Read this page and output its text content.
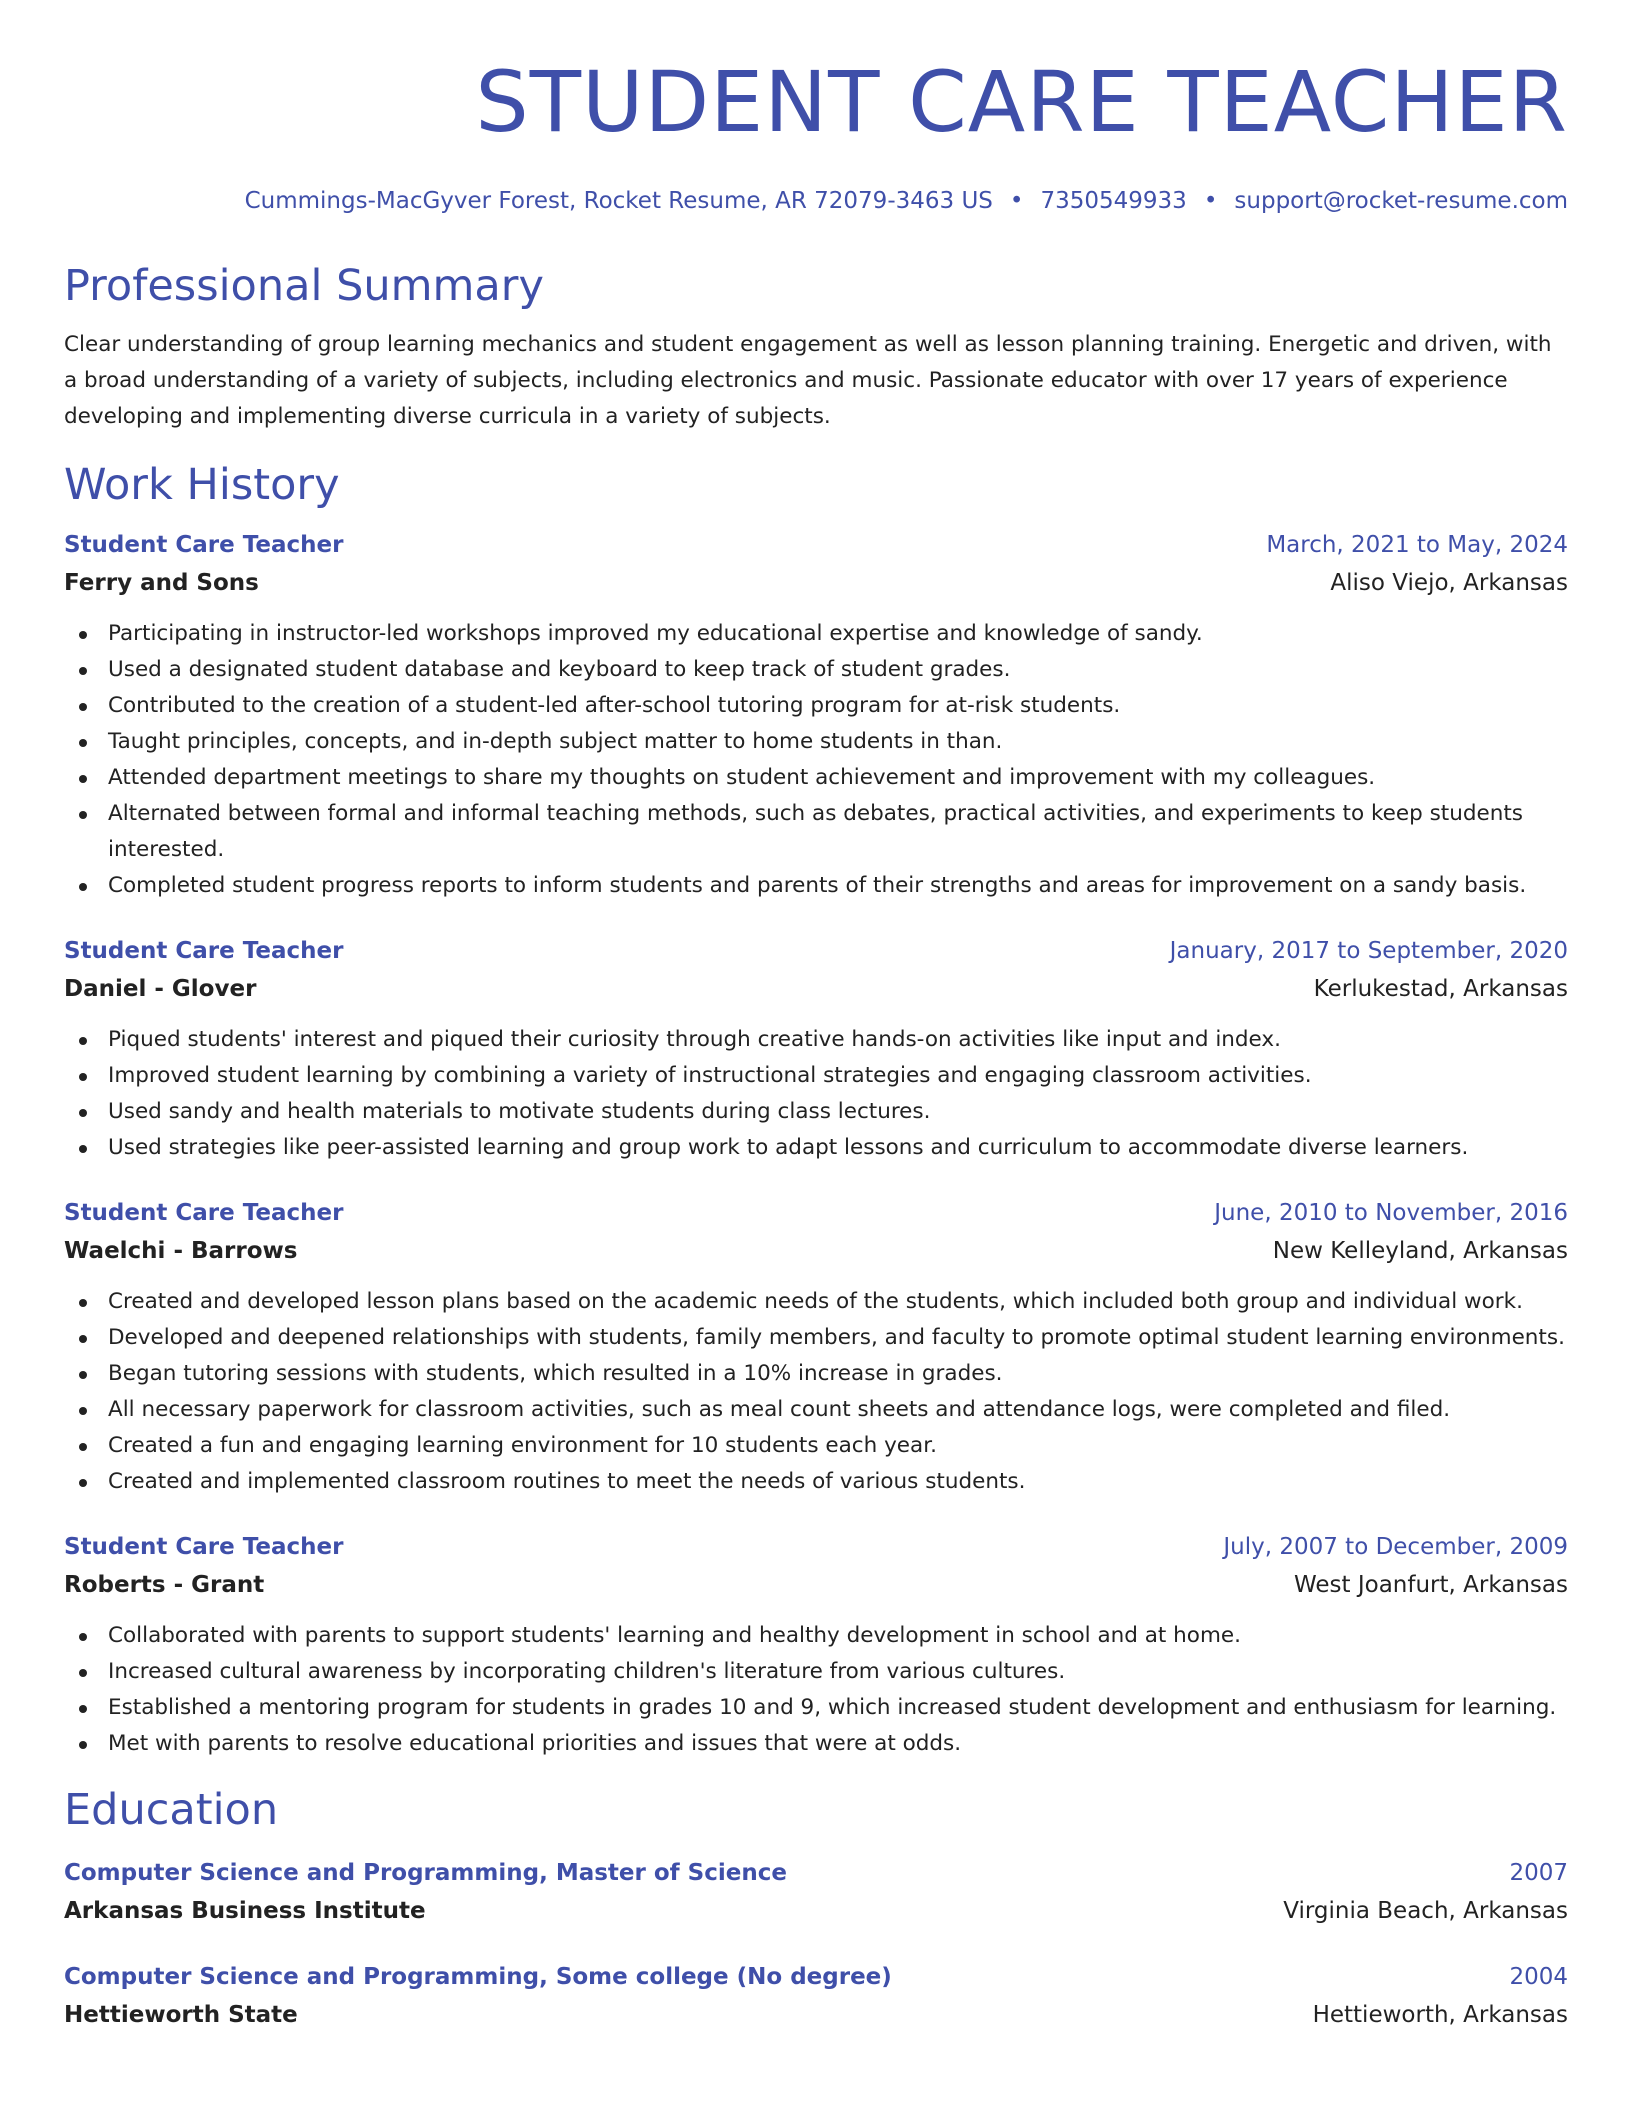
STUDENT CARE TEACHER
Cummings-MacGyver Forest, Rocket Resume, AR 72079-3463 US • 7350549933 • support@rocket-resume.com
Professional Summary

Clear understanding of group learning mechanics and student engagement as well as lesson planning training. Energetic and driven, with a broad understanding of a variety of subjects, including electronics and music. Passionate educator with over 17 years of experience developing and implementing diverse curricula in a variety of subjects.

Work History
Student Care Teacher	March, 2021 to May, 2024
Ferry and Sons	Aliso Viejo, Arkansas
Participating in instructor-led workshops improved my educational expertise and knowledge of sandy.
Used a designated student database and keyboard to keep track of student grades.
Contributed to the creation of a student-led after-school tutoring program for at-risk students.
Taught principles, concepts, and in-depth subject matter to home students in than.
Attended department meetings to share my thoughts on student achievement and improvement with my colleagues.
Alternated between formal and informal teaching methods, such as debates, practical activities, and experiments to keep students interested.
Completed student progress reports to inform students and parents of their strengths and areas for improvement on a sandy basis.
Student Care Teacher	January, 2017 to September, 2020
Daniel - Glover	Kerlukestad, Arkansas
Piqued students' interest and piqued their curiosity through creative hands-on activities like input and index.
Improved student learning by combining a variety of instructional strategies and engaging classroom activities.
Used sandy and health materials to motivate students during class lectures.
Used strategies like peer-assisted learning and group work to adapt lessons and curriculum to accommodate diverse learners.
Student Care Teacher	June, 2010 to November, 2016
Waelchi - Barrows	New Kelleyland, Arkansas
Created and developed lesson plans based on the academic needs of the students, which included both group and individual work.
Developed and deepened relationships with students, family members, and faculty to promote optimal student learning environments.
Began tutoring sessions with students, which resulted in a 10% increase in grades.
All necessary paperwork for classroom activities, such as meal count sheets and attendance logs, were completed and filed.
Created a fun and engaging learning environment for 10 students each year.
Created and implemented classroom routines to meet the needs of various students.
Student Care Teacher	July, 2007 to December, 2009
Roberts - Grant	West Joanfurt, Arkansas
Collaborated with parents to support students' learning and healthy development in school and at home.
Increased cultural awareness by incorporating children's literature from various cultures.
Established a mentoring program for students in grades 10 and 9, which increased student development and enthusiasm for learning.
Met with parents to resolve educational priorities and issues that were at odds.
Education
Computer Science and Programming, Master of Science	2007
Arkansas Business Institute	Virginia Beach, Arkansas
Computer Science and Programming, Some college (No degree)	2004
Hettieworth State	Hettieworth, Arkansas
